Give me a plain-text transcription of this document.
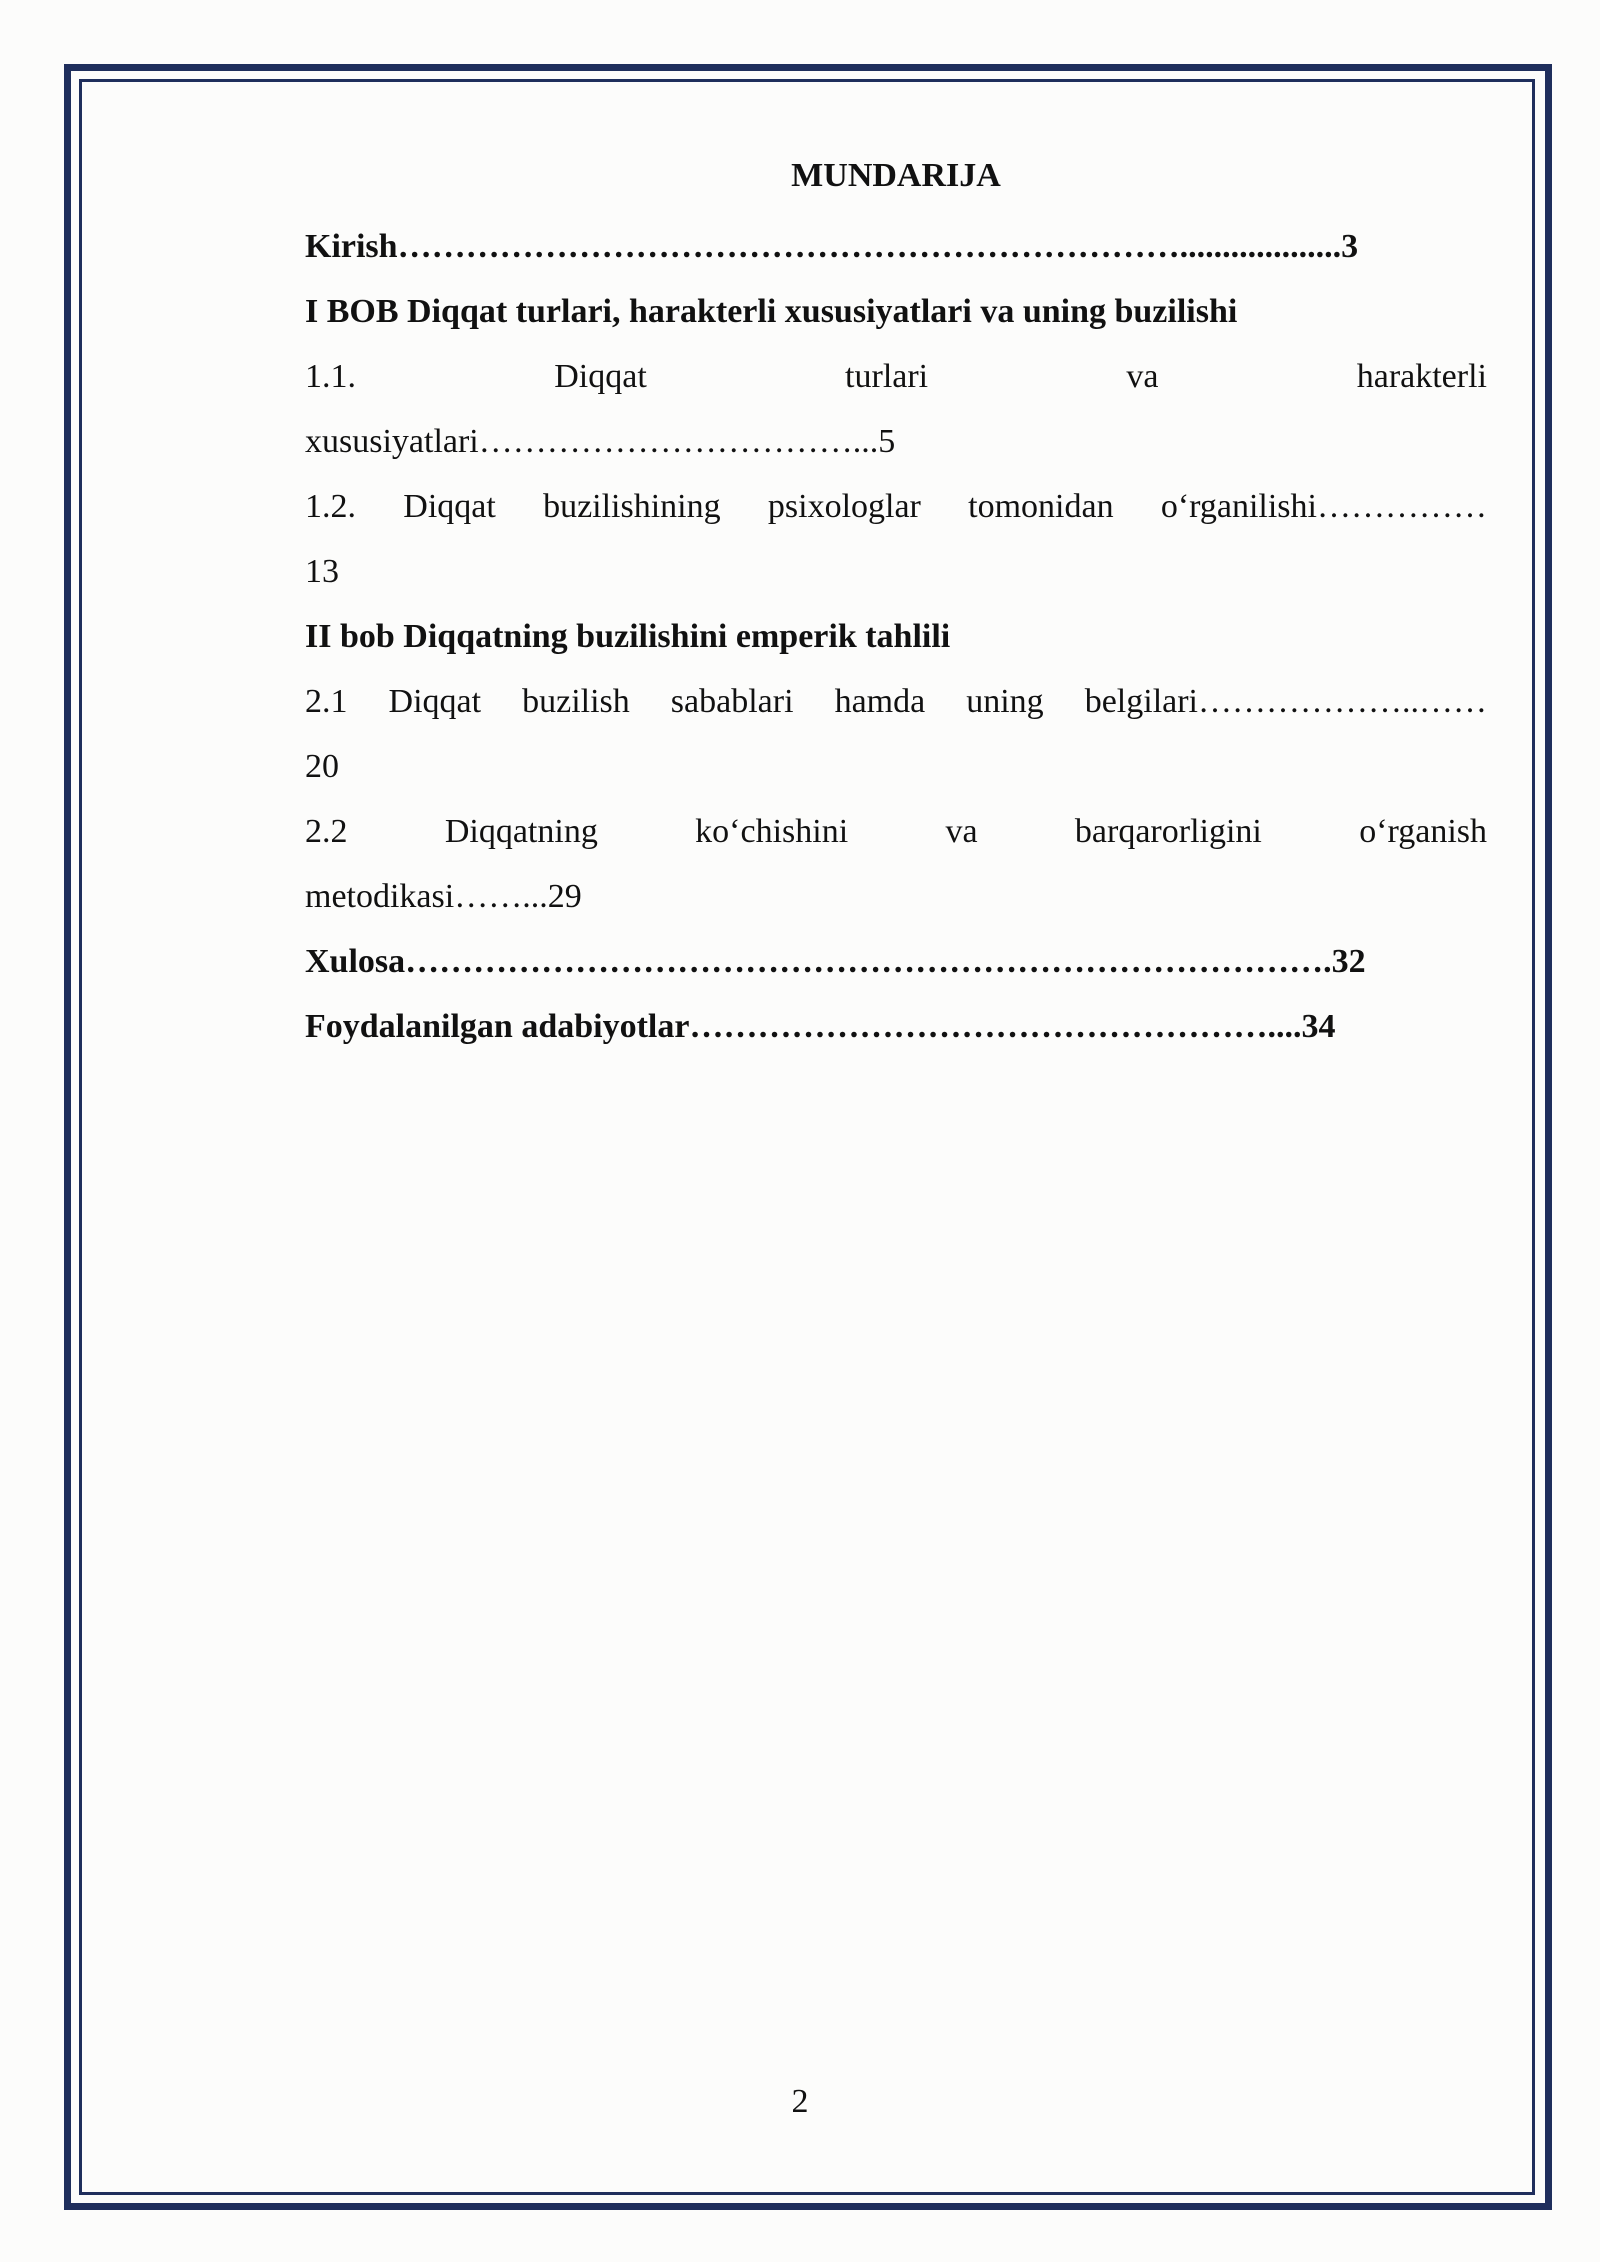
MUNDARIJA
Kirish……………………………………………………………...................3
I BOB Diqqat turlari, harakterli xususiyatlari va uning buzilishi
1.1. Diqqat turlari va harakterli
xususiyatlari……………………………...5
1.2. Diqqat buzilishining psixologlar tomonidan o‘rganilishi……………
13
II bob Diqqatning buzilishini emperik tahlili
2.1 Diqqat buzilish sabablari hamda uning belgilari………………..……
20
2.2 Diqqatning ko‘chishini va barqarorligini o‘rganish
metodikasi……...29
Xulosa……………………………………………………………………….32
Foydalanilgan adabiyotlar……………………………………………....34
2
